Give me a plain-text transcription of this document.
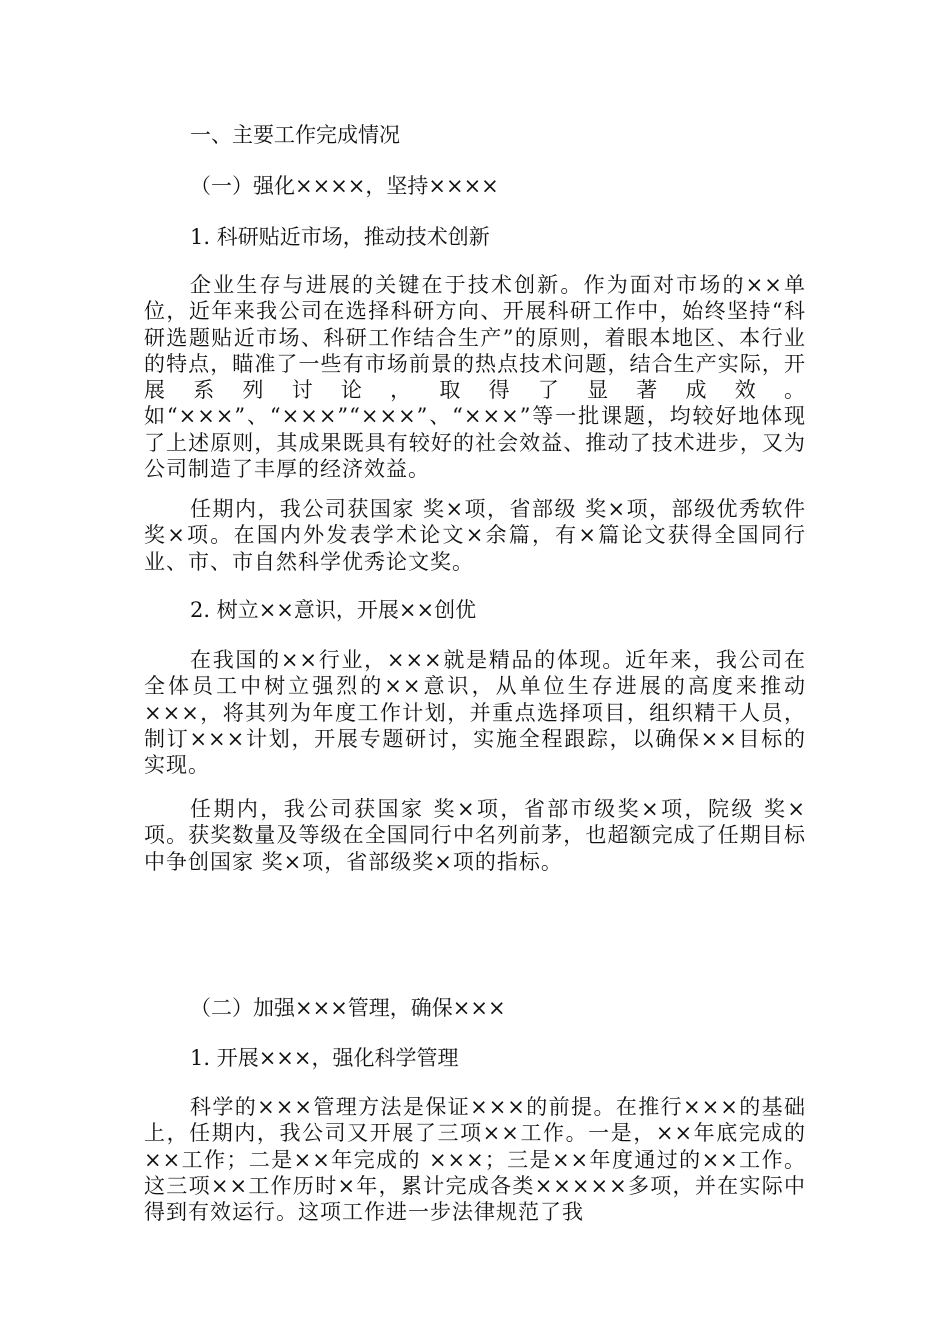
一、主要工作完成情况

（一）强化××××，坚持××××

1. 科研贴近市场，推动技术创新

企业生存与进展的关键在于技术创新。作为面对市场的××单位，近年来我公司在选择科研方向、开展科研工作中，始终坚持“科研选题贴近市场、科研工作结合生产”的原则，着眼本地区、本行业的特点，瞄准了一些有市场前景的热点技术问题，结合生产实际，开展系列讨论，取得了显著成效。如“×××”、“×××”“×××”、“×××”等一批课题，均较好地体现了上述原则，其成果既具有较好的社会效益、推动了技术进步，又为公司制造了丰厚的经济效益。

任期内，我公司获国家 奖×项，省部级 奖×项，部级优秀软件奖×项。在国内外发表学术论文×余篇，有×篇论文获得全国同行业、市、市自然科学优秀论文奖。

2. 树立××意识，开展××创优

在我国的××行业，×××就是精品的体现。近年来，我公司在全体员工中树立强烈的××意识，从单位生存进展的高度来推动×××，将其列为年度工作计划，并重点选择项目，组织精干人员，制订×××计划，开展专题研讨，实施全程跟踪，以确保××目标的实现。

任期内，我公司获国家 奖×项，省部市级奖×项，院级 奖×项。获奖数量及等级在全国同行中名列前茅，也超额完成了任期目标中争创国家 奖×项，省部级奖×项的指标。

（二）加强×××管理，确保×××

1. 开展×××，强化科学管理

科学的×××管理方法是保证×××的前提。在推行×××的基础上，任期内，我公司又开展了三项××工作。一是，××年底完成的××工作；二是××年完成的 ×××；三是××年度通过的××工作。这三项××工作历时×年，累计完成各类×××××多项，并在实际中得到有效运行。这项工作进一步法律规范了我
